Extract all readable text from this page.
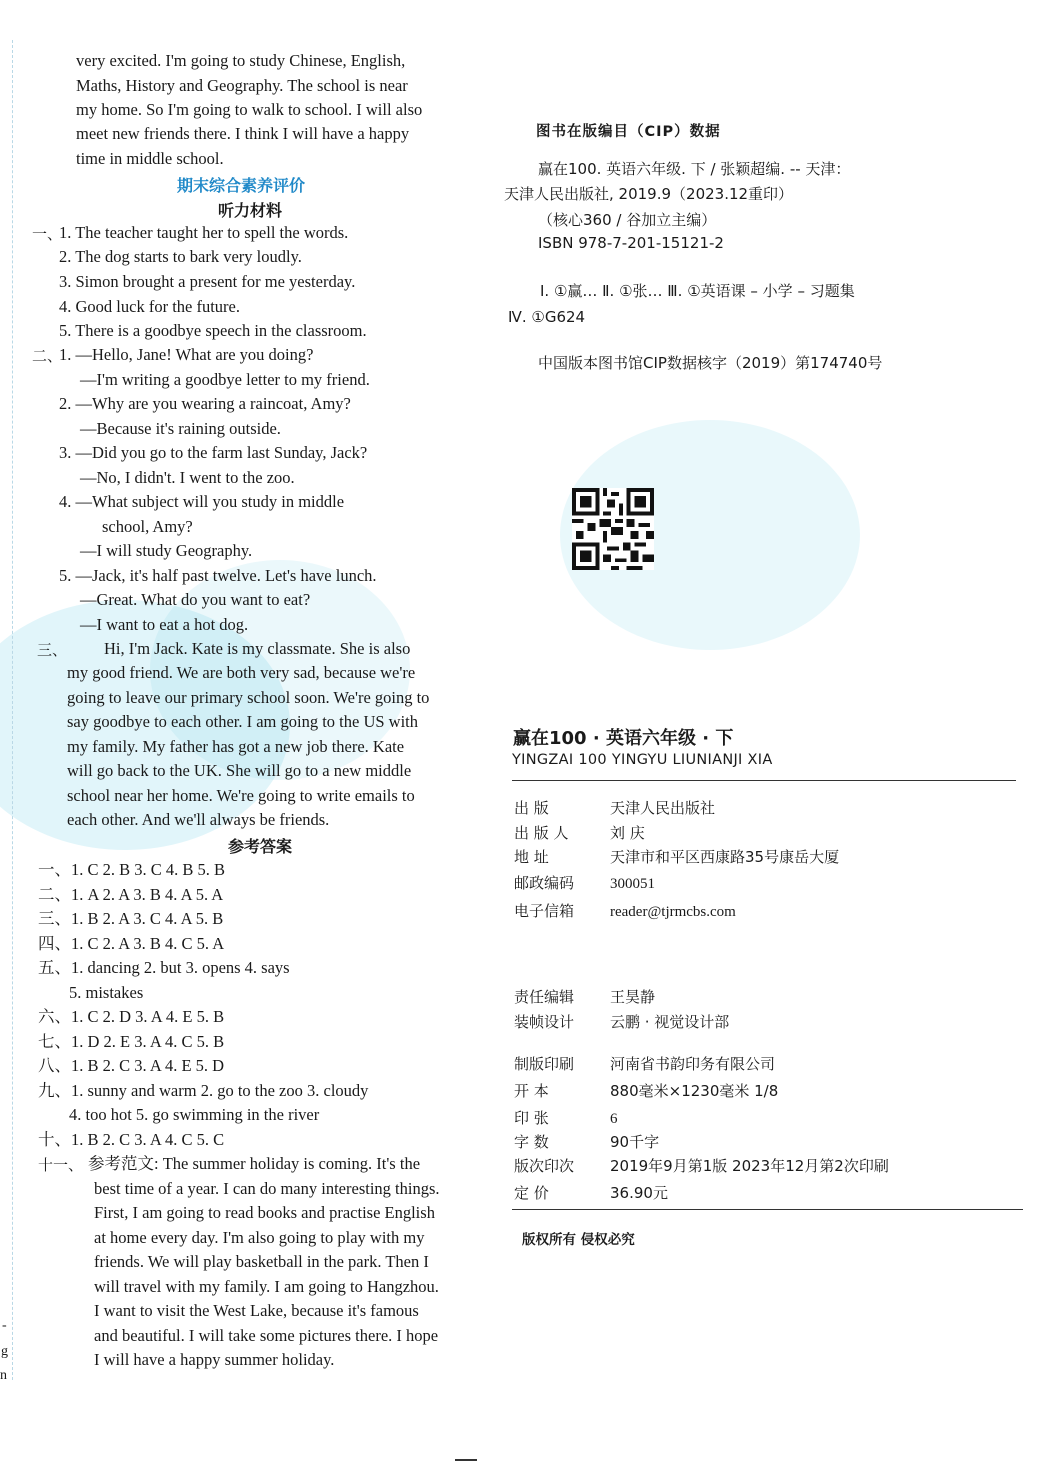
very excited. I'm going to study Chinese, English,
Maths, History and Geography. The school is near
my home. So I'm going to walk to school. I will also
meet new friends there. I think I will have a happy
time in middle school.
期末综合素养评价
听力材料
一、
1. The teacher taught her to spell the words.
2. The dog starts to bark very loudly.
3. Simon brought a present for me yesterday.
4. Good luck for the future.
5. There is a goodbye speech in the classroom.
二、
1. —Hello, Jane! What are you doing?
—I'm writing a goodbye letter to my friend.
2. —Why are you wearing a raincoat, Amy?
—Because it's raining outside.
3. —Did you go to the farm last Sunday, Jack?
—No, I didn't. I went to the zoo.
4. —What subject will you study in middle
school, Amy?
—I will study Geography.
5. —Jack, it's half past twelve. Let's have lunch.
—Great. What do you want to eat?
—I want to eat a hot dog.
三、 Hi, I'm Jack. Kate is my classmate. She is also
my good friend. We are both very sad, because we're
going to leave our primary school soon. We're going to
say goodbye to each other. I am going to the US with
my family. My father has got a new job there. Kate
will go back to the UK. She will go to a new middle
school near her home. We're going to write emails to
each other. And we'll always be friends.
参考答案
一、1. C 2. B 3. C 4. B 5. B
二、1. A 2. A 3. B 4. A 5. A
三、1. B 2. A 3. C 4. A 5. B
四、1. C 2. A 3. B 4. C 5. A
五、1. dancing 2. but 3. opens 4. says
5. mistakes
六、1. C 2. D 3. A 4. E 5. B
七、1. D 2. E 3. A 4. C 5. B
八、1. B 2. C 3. A 4. E 5. D
九、1. sunny and warm 2. go to the zoo 3. cloudy
4. too hot 5. go swimming in the river
十、1. B 2. C 3. A 4. C 5. C
十一、 参考范文: The summer holiday is coming. It's the
best time of a year. I can do many interesting things.
First, I am going to read books and practise English
at home every day. I'm also going to play with my
friends. We will play basketball in the park. Then I
will travel with my family. I am going to Hangzhou.
I want to visit the West Lake, because it's famous
and beautiful. I will take some pictures there. I hope
I will have a happy summer holiday.
-
g
n
图书在版编目（CIP）数据
赢在100. 英语六年级. 下 / 张颖超编. -- 天津：
天津人民出版社, 2019.9（2023.12重印）
（核心360 / 谷加立主编）
ISBN 978-7-201-15121-2
Ⅰ. ①赢… Ⅱ. ①张… Ⅲ. ①英语课 – 小学 – 习题集
Ⅳ. ①G624
中国版本图书馆CIP数据核字（2019）第174740号
赢在100 · 英语六年级 · 下
YINGZAI 100 YINGYU LIUNIANJI XIA
出 版	天津人民出版社
出 版 人	刘 庆
地 址	天津市和平区西康路35号康岳大厦
邮政编码 300051
电子信箱 reader@tjrmcbs.com
责任编辑 王昊静
装帧设计 云鹏 · 视觉设计部
制版印刷 河南省书韵印务有限公司
开 本	880毫米×1230毫米 1/8
印 张	6
字 数	90千字
版次印次 2019年9月第1版 2023年12月第2次印刷
定 价	36.90元
版权所有 侵权必究
